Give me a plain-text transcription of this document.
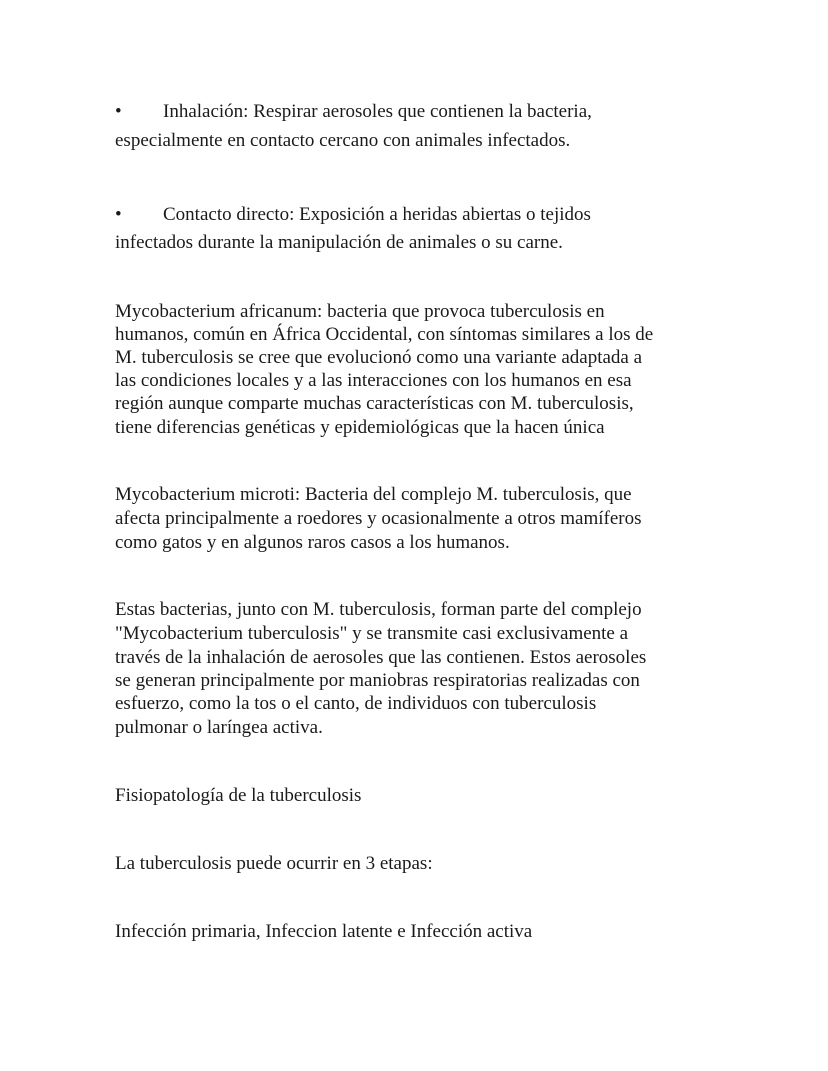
• Inhalación: Respirar aerosoles que contienen la bacteria,
especialmente en contacto cercano con animales infectados.
• Contacto directo: Exposición a heridas abiertas o tejidos
infectados durante la manipulación de animales o su carne.
Mycobacterium africanum: bacteria que provoca tuberculosis en
humanos, común en África Occidental, con síntomas similares a los de
M. tuberculosis se cree que evolucionó como una variante adaptada a
las condiciones locales y a las interacciones con los humanos en esa
región aunque comparte muchas características con M. tuberculosis,
tiene diferencias genéticas y epidemiológicas que la hacen única
Mycobacterium microti: Bacteria del complejo M. tuberculosis, que
afecta principalmente a roedores y ocasionalmente a otros mamíferos
como gatos y en algunos raros casos a los humanos.
Estas bacterias, junto con M. tuberculosis, forman parte del complejo
"Mycobacterium tuberculosis" y se transmite casi exclusivamente a
través de la inhalación de aerosoles que las contienen. Estos aerosoles
se generan principalmente por maniobras respiratorias realizadas con
esfuerzo, como la tos o el canto, de individuos con tuberculosis
pulmonar o laríngea activa.
Fisiopatología de la tuberculosis
La tuberculosis puede ocurrir en 3 etapas:
Infección primaria, Infeccion latente e Infección activa
